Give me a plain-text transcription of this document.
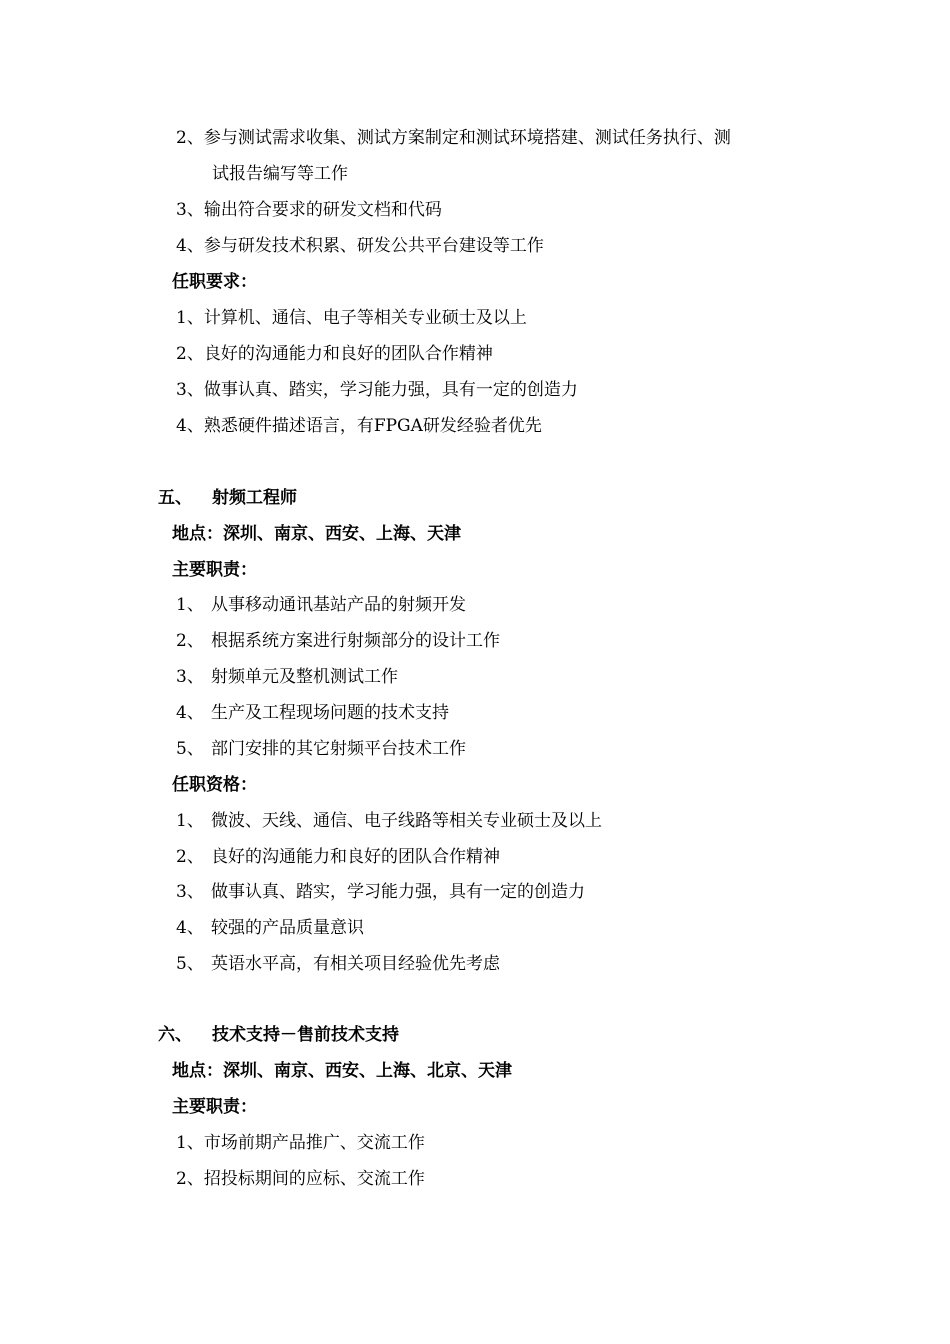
2、参与测试需求收集、测试方案制定和测试环境搭建、测试任务执行、测
试报告编写等工作
3、输出符合要求的研发文档和代码
4、参与研发技术积累、研发公共平台建设等工作
任职要求：
1、计算机、通信、电子等相关专业硕士及以上
2、良好的沟通能力和良好的团队合作精神
3、做事认真、踏实，学习能力强，具有一定的创造力
4、熟悉硬件描述语言，有FPGA研发经验者优先
五、 射频工程师
地点：深圳、南京、西安、上海、天津
主要职责：
1、 从事移动通讯基站产品的射频开发
2、 根据系统方案进行射频部分的设计工作
3、 射频单元及整机测试工作
4、 生产及工程现场问题的技术支持
5、 部门安排的其它射频平台技术工作
任职资格：
1、 微波、天线、通信、电子线路等相关专业硕士及以上
2、 良好的沟通能力和良好的团队合作精神
3、 做事认真、踏实，学习能力强，具有一定的创造力
4、 较强的产品质量意识
5、 英语水平高，有相关项目经验优先考虑
六、 技术支持－售前技术支持
地点：深圳、南京、西安、上海、北京、天津
主要职责：
1、市场前期产品推广、交流工作
2、招投标期间的应标、交流工作
